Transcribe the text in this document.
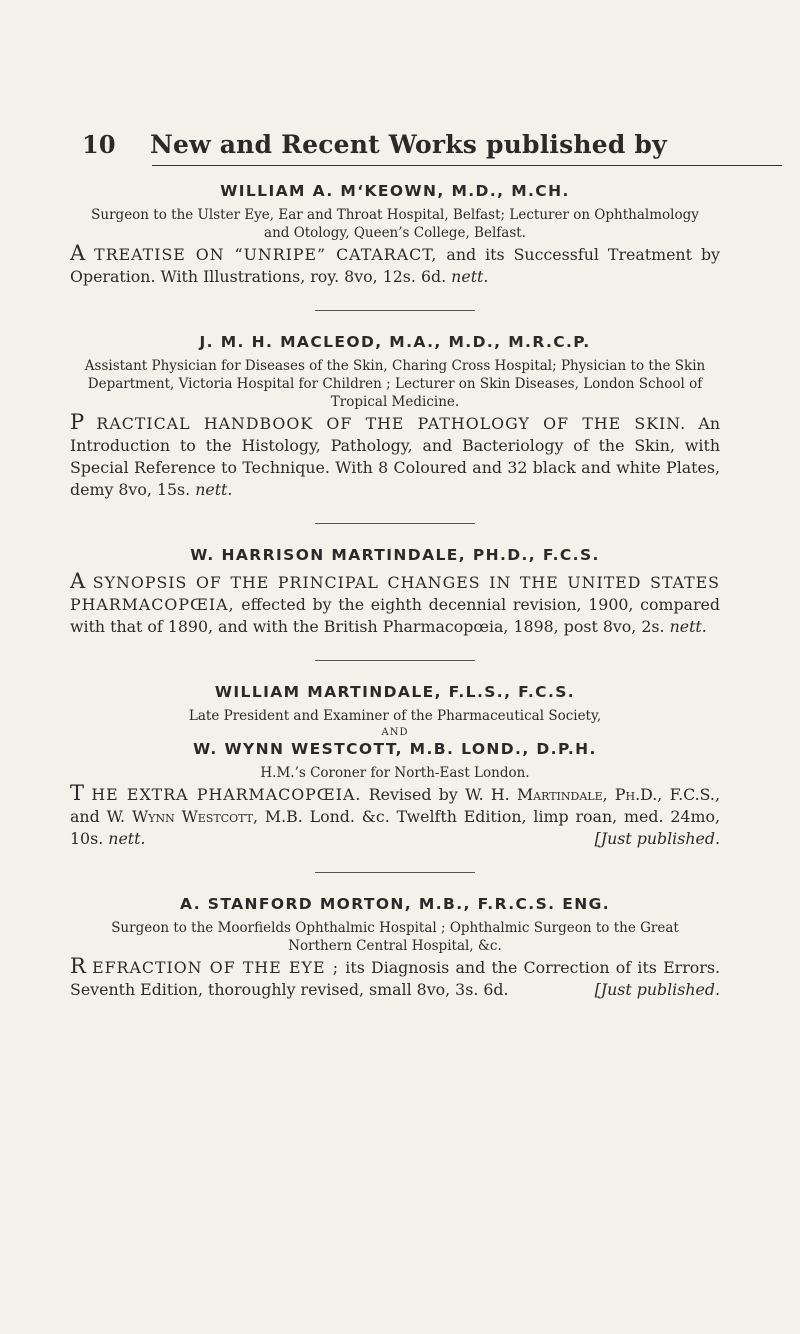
10	New and Recent Works published by

WILLIAM A. M‘KEOWN, M.D., M.CH.

Surgeon to the Ulster Eye, Ear and Throat Hospital, Belfast; Lecturer on Ophthalmology and Otology, Queen’s College, Belfast.

A TREATISE ON “UNRIPE” CATARACT, and its Successful Treatment by Operation. With Illustrations, roy. 8vo, 12s. 6d. nett.

J. M. H. MACLEOD, M.A., M.D., M.R.C.P.

Assistant Physician for Diseases of the Skin, Charing Cross Hospital; Physician to the Skin Department, Victoria Hospital for Children ; Lecturer on Skin Diseases, London School of Tropical Medicine.

P RACTICAL HANDBOOK OF THE PATHOLOGY OF THE SKIN. An Introduction to the Histology, Pathology, and Bacteriology of the Skin, with Special Reference to Technique. With 8 Coloured and 32 black and white Plates, demy 8vo, 15s. nett.

W. HARRISON MARTINDALE, PH.D., F.C.S.

A SYNOPSIS OF THE PRINCIPAL CHANGES IN THE UNITED STATES PHARMACOPŒIA, effected by the eighth decennial revision, 1900, compared with that of 1890, and with the British Pharmacopœia, 1898, post 8vo, 2s. nett.

WILLIAM MARTINDALE, F.L.S., F.C.S.

Late President and Examiner of the Pharmaceutical Society,

AND

W. WYNN WESTCOTT, M.B. LOND., D.P.H.

H.M.’s Coroner for North-East London.

T HE EXTRA PHARMACOPŒIA. Revised by W. H. Martindale, Ph.D., F.C.S., and W. Wynn Westcott, M.B. Lond. &c. Twelfth Edition, limp roan, med. 24mo, 10s. nett.	[Just published.

A. STANFORD MORTON, M.B., F.R.C.S. ENG.

Surgeon to the Moorfields Ophthalmic Hospital ; Ophthalmic Surgeon to the Great Northern Central Hospital, &c.

R EFRACTION OF THE EYE ; its Diagnosis and the Correction of its Errors. Seventh Edition, thoroughly revised, small 8vo, 3s. 6d.	[Just published.
